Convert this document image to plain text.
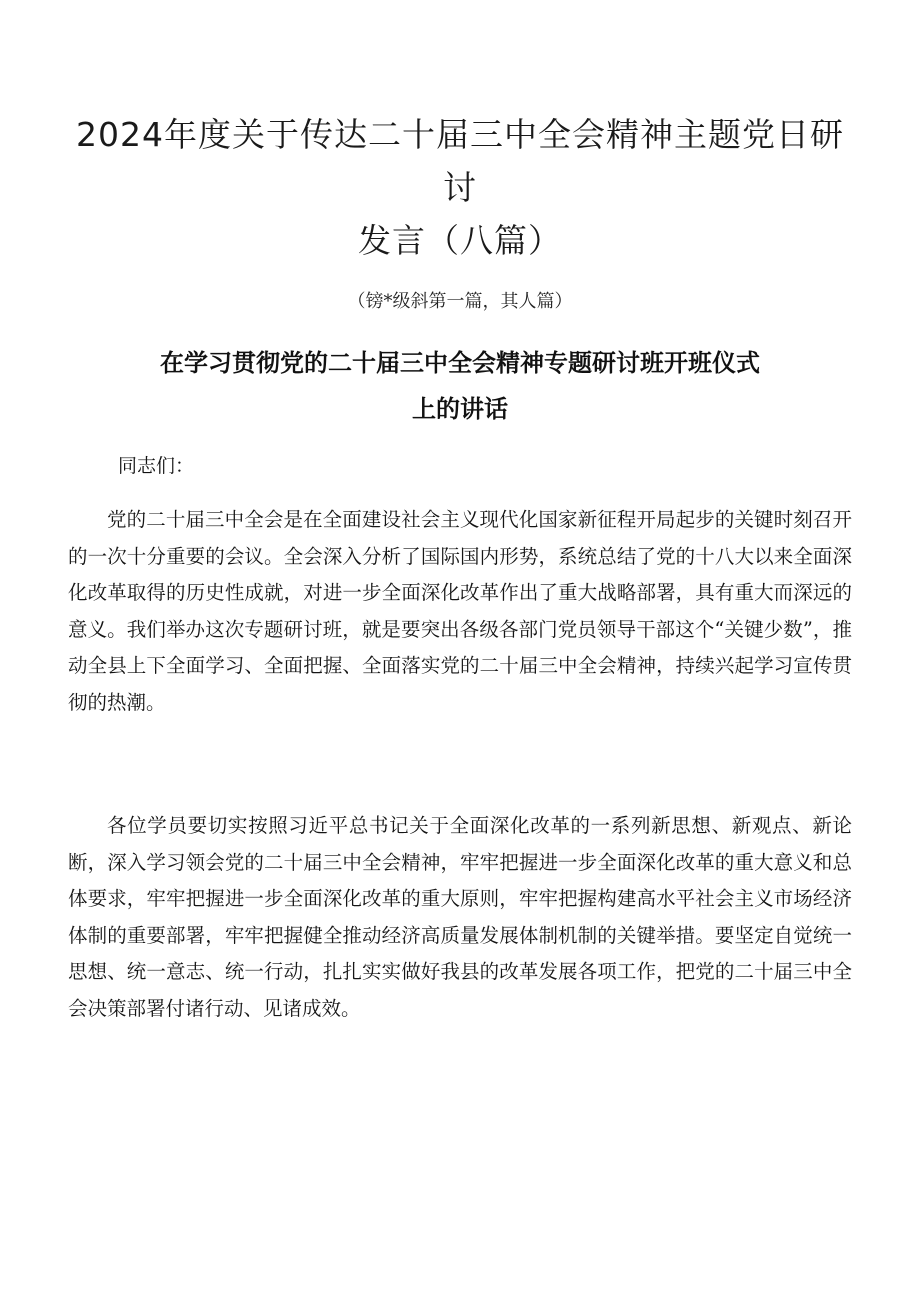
2024年度关于传达二十届三中全会精神主题党日研讨
发言（八篇）
（镑*级斜第一篇，其人篇）
在学习贯彻党的二十届三中全会精神专题研讨班开班仪式
上的讲话

同志们：

党的二十届三中全会是在全面建设社会主义现代化国家新征程开局起步的关键时刻召开的一次十分重要的会议。全会深入分析了国际国内形势，系统总结了党的十八大以来全面深化改革取得的历史性成就，对进一步全面深化改革作出了重大战略部署，具有重大而深远的意义。我们举办这次专题研讨班，就是要突出各级各部门党员领导干部这个“关键少数”，推动全县上下全面学习、全面把握、全面落实党的二十届三中全会精神，持续兴起学习宣传贯彻的热潮。

各位学员要切实按照习近平总书记关于全面深化改革的一系列新思想、新观点、新论断，深入学习领会党的二十届三中全会精神，牢牢把握进一步全面深化改革的重大意义和总体要求，牢牢把握进一步全面深化改革的重大原则，牢牢把握构建高水平社会主义市场经济体制的重要部署，牢牢把握健全推动经济高质量发展体制机制的关键举措。要坚定自觉统一思想、统一意志、统一行动，扎扎实实做好我县的改革发展各项工作，把党的二十届三中全会决策部署付诸行动、见诸成效。
